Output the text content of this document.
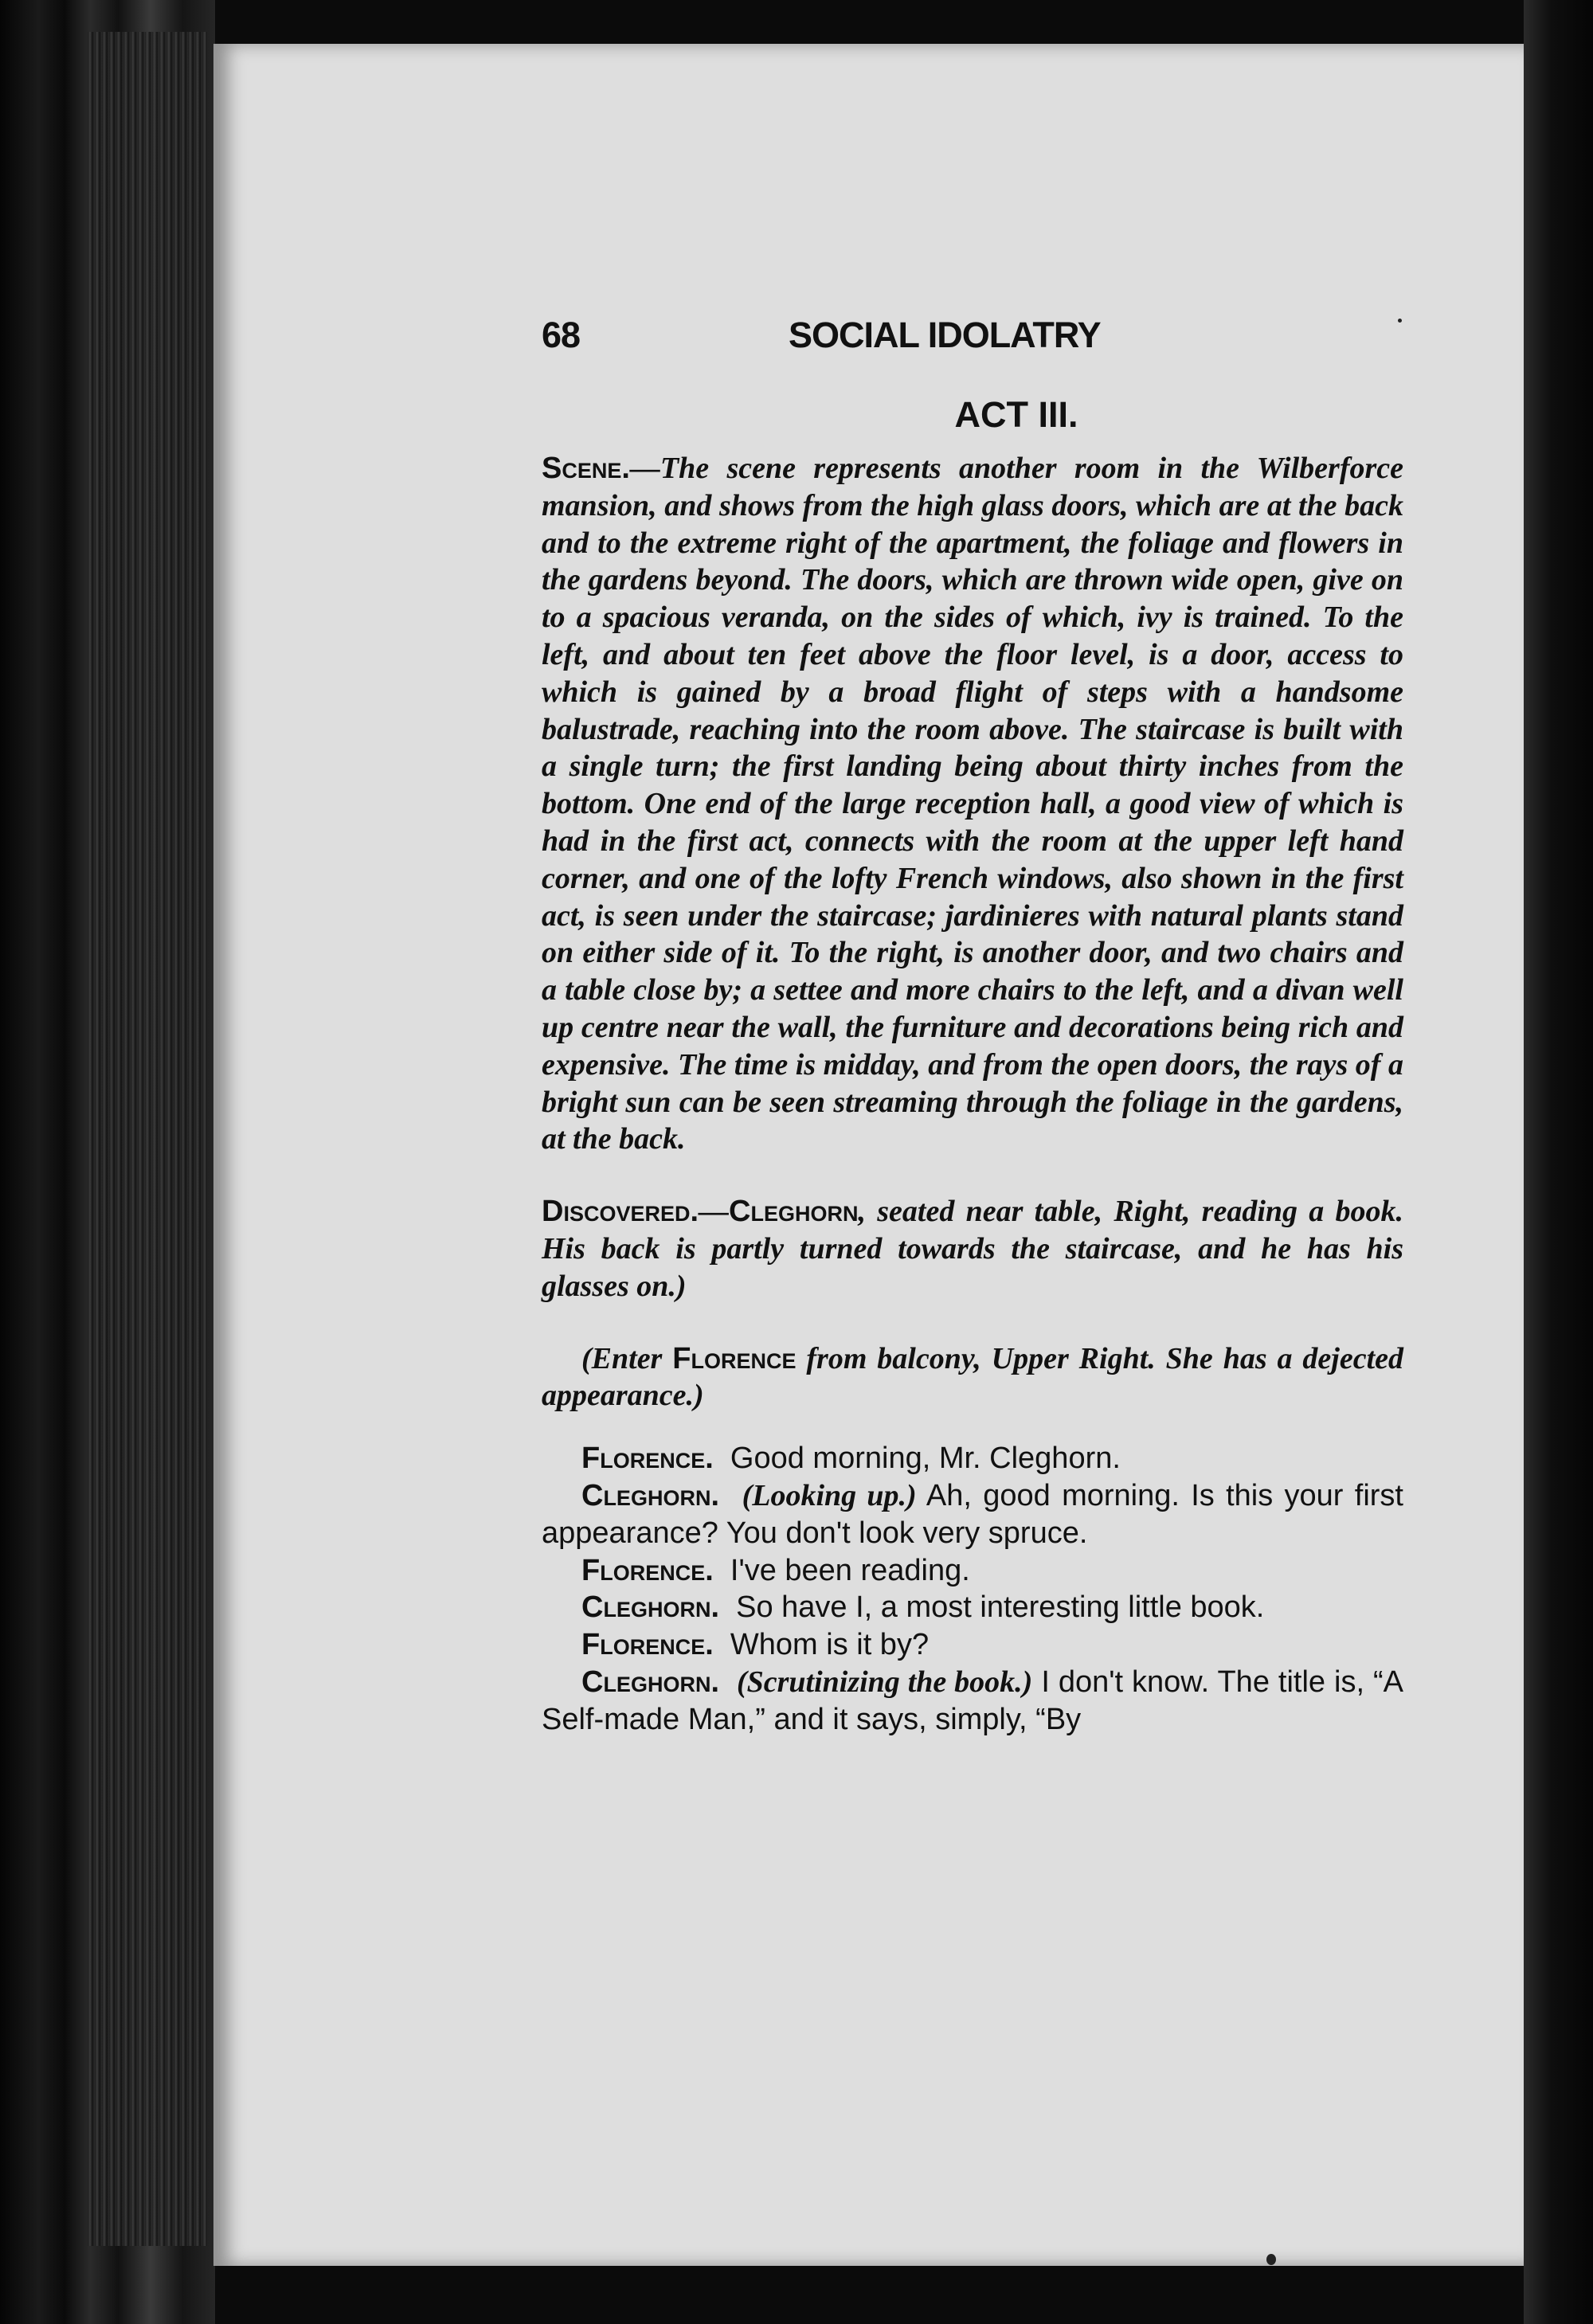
68	SOCIAL IDOLATRY
ACT III.
Scene.—The scene represents another room in the Wilberforce mansion, and shows from the high glass doors, which are at the back and to the extreme right of the apartment, the foliage and flowers in the gardens beyond. The doors, which are thrown wide open, give on to a spacious veranda, on the sides of which, ivy is trained. To the left, and about ten feet above the floor level, is a door, access to which is gained by a broad flight of steps with a handsome balustrade, reaching into the room above. The staircase is built with a single turn; the first landing being about thirty inches from the bottom. One end of the large reception hall, a good view of which is had in the first act, connects with the room at the upper left hand corner, and one of the lofty French windows, also shown in the first act, is seen under the staircase; jardinieres with natural plants stand on either side of it. To the right, is another door, and two chairs and a table close by; a settee and more chairs to the left, and a divan well up centre near the wall, the furniture and decorations being rich and expensive. The time is midday, and from the open doors, the rays of a bright sun can be seen streaming through the foliage in the gardens, at the back.
Discovered.—Cleghorn, seated near table, Right, reading a book. His back is partly turned towards the staircase, and he has his glasses on.)
(Enter Florence from balcony, Upper Right. She has a dejected appearance.)
Florence. Good morning, Mr. Cleghorn.
Cleghorn. (Looking up.) Ah, good morning. Is this your first appearance? You don't look very spruce.
Florence. I've been reading.
Cleghorn. So have I, a most interesting little book.
Florence. Whom is it by?
Cleghorn. (Scrutinizing the book.) I don't know. The title is, “A Self-made Man,” and it says, simply, “By
